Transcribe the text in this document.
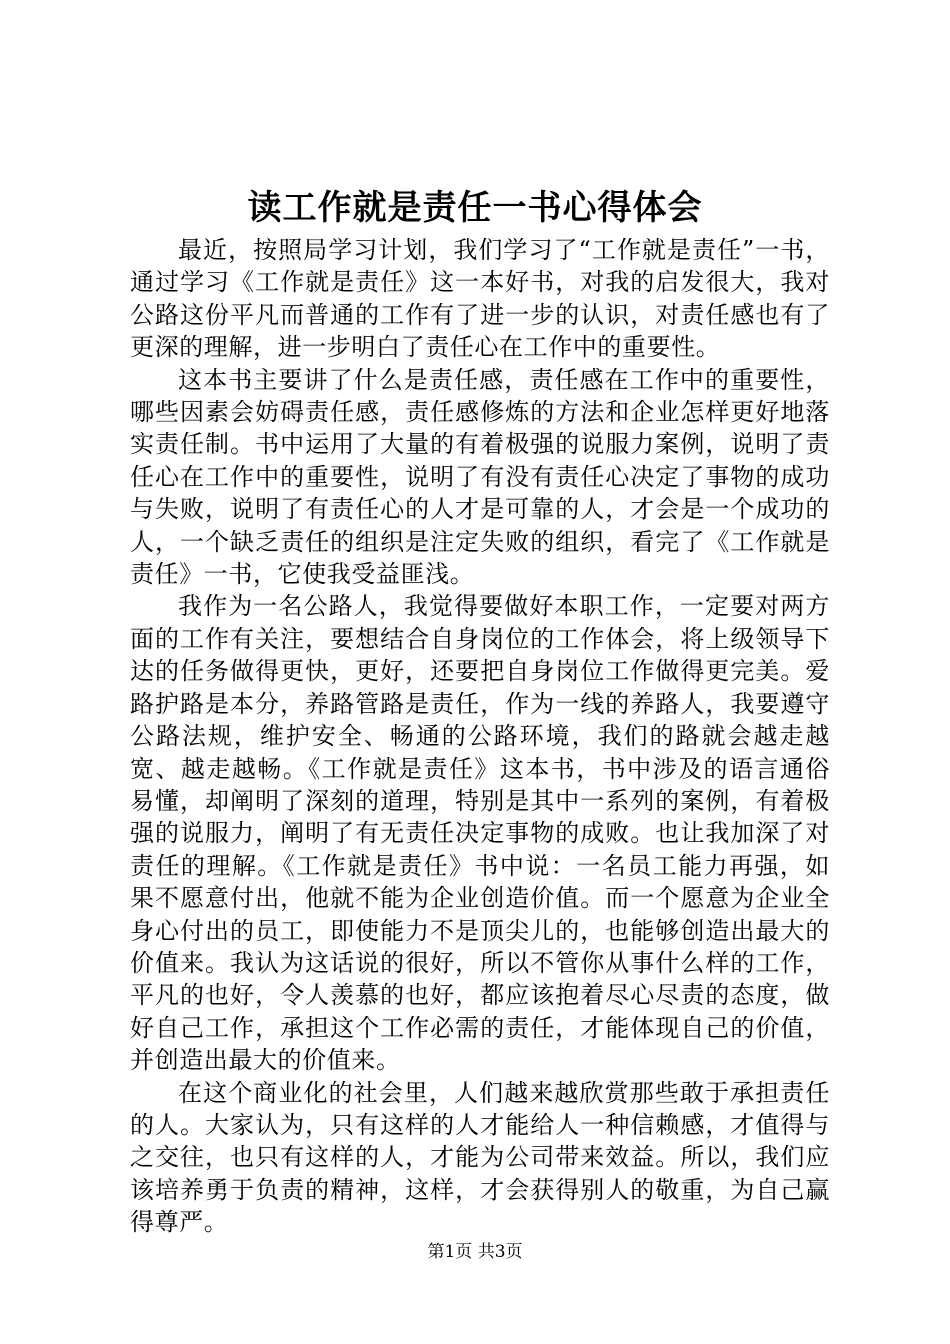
读工作就是责任一书心得体会

最近，按照局学习计划，我们学习了“工作就是责任”一书，通过学习《工作就是责任》这一本好书，对我的启发很大，我对公路这份平凡而普通的工作有了进一步的认识，对责任感也有了更深的理解，进一步明白了责任心在工作中的重要性。

这本书主要讲了什么是责任感，责任感在工作中的重要性，哪些因素会妨碍责任感，责任感修炼的方法和企业怎样更好地落实责任制。书中运用了大量的有着极强的说服力案例，说明了责任心在工作中的重要性，说明了有没有责任心决定了事物的成功与失败，说明了有责任心的人才是可靠的人，才会是一个成功的人，一个缺乏责任的组织是注定失败的组织，看完了《工作就是责任》一书，它使我受益匪浅。

我作为一名公路人，我觉得要做好本职工作，一定要对两方面的工作有关注，要想结合自身岗位的工作体会，将上级领导下达的任务做得更快，更好，还要把自身岗位工作做得更完美。爱路护路是本分，养路管路是责任，作为一线的养路人，我要遵守公路法规，维护安全、畅通的公路环境，我们的路就会越走越宽、越走越畅。《工作就是责任》这本书，书中涉及的语言通俗易懂，却阐明了深刻的道理，特别是其中一系列的案例，有着极强的说服力，阐明了有无责任决定事物的成败。也让我加深了对责任的理解。《工作就是责任》书中说：一名员工能力再强，如果不愿意付出，他就不能为企业创造价值。而一个愿意为企业全身心付出的员工，即使能力不是顶尖儿的，也能够创造出最大的价值来。我认为这话说的很好，所以不管你从事什么样的工作，平凡的也好，令人羡慕的也好，都应该抱着尽心尽责的态度，做好自己工作，承担这个工作必需的责任，才能体现自己的价值，并创造出最大的价值来。

在这个商业化的社会里，人们越来越欣赏那些敢于承担责任的人。大家认为，只有这样的人才能给人一种信赖感，才值得与之交往，也只有这样的人，才能为公司带来效益。所以，我们应该培养勇于负责的精神，这样，才会获得别人的敬重，为自己赢得尊严。

第1页 共3页
